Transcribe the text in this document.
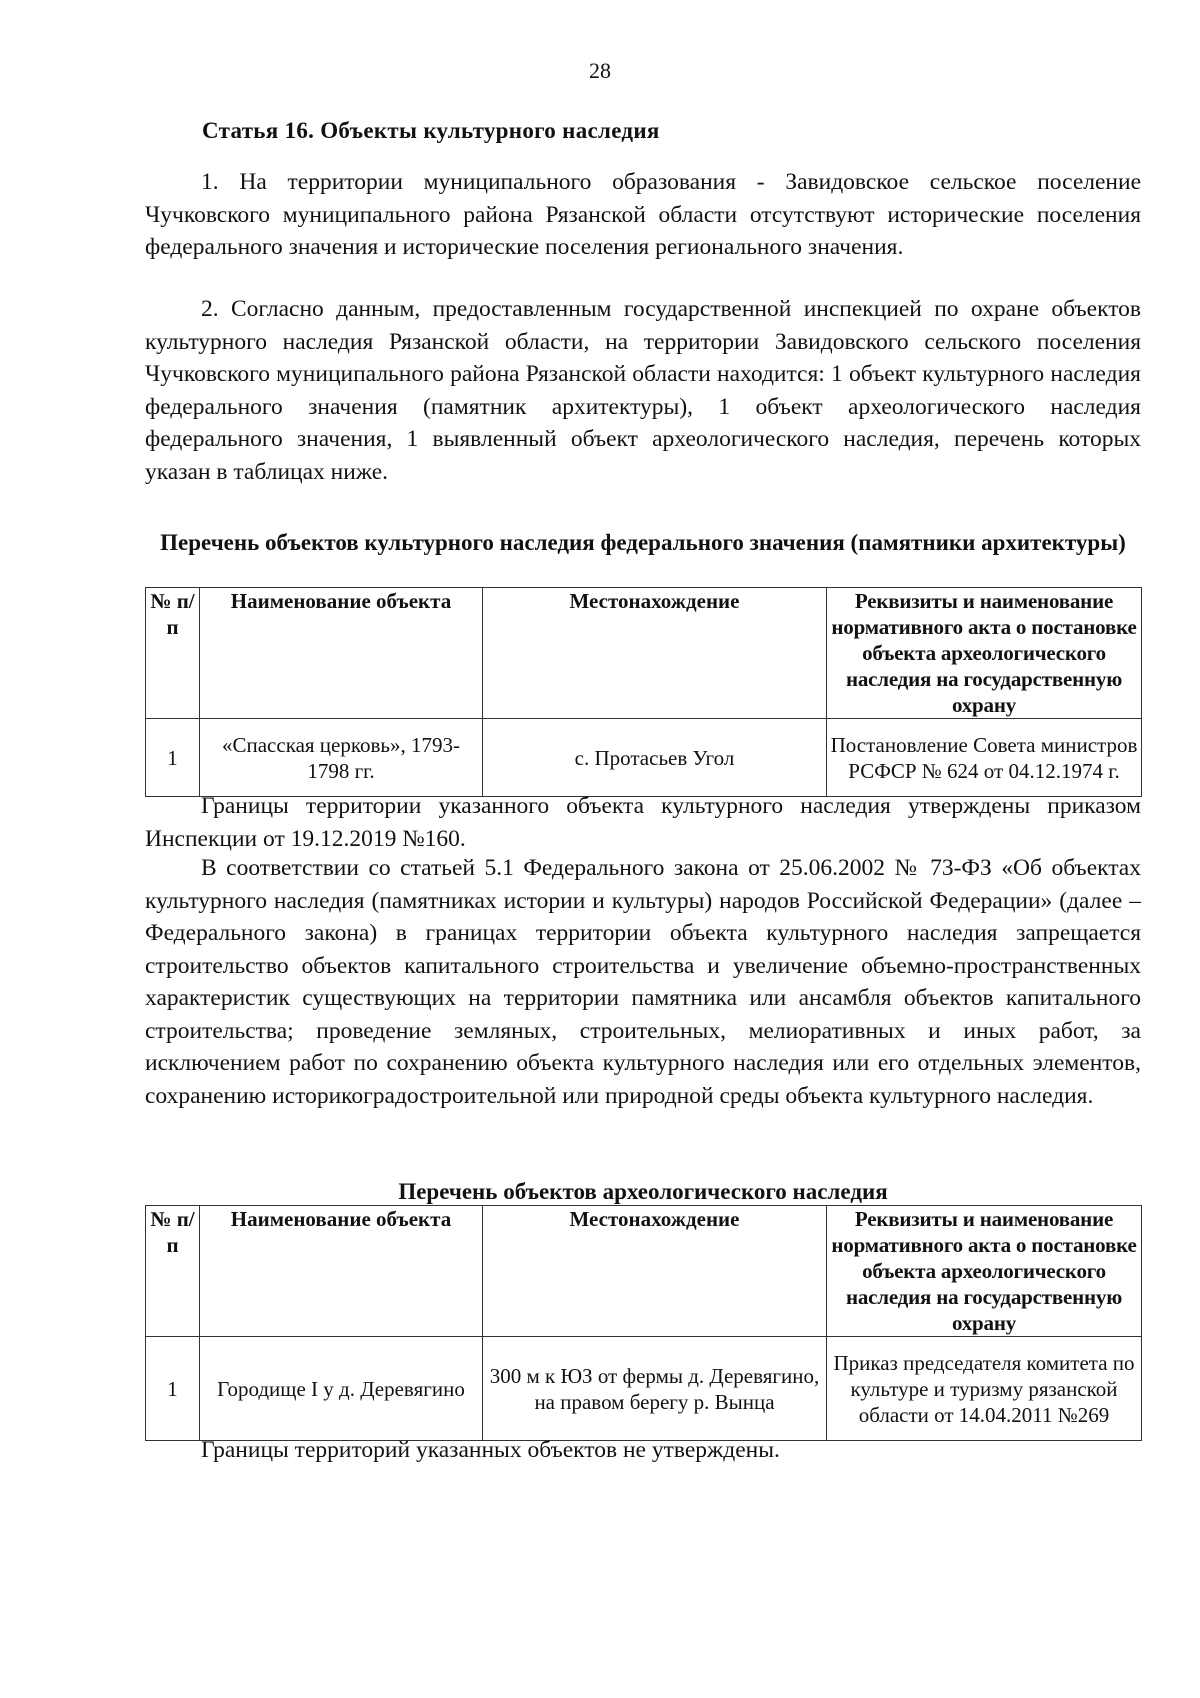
28
Статья 16. Объекты культурного наследия

1. На территории муниципального образования - Завидовское сельское поселение Чучковского муниципального района Рязанской области отсутствуют исторические поселения федерального значения и исторические поселения регионального значения.

2. Согласно данным, предоставленным государственной инспекцией по охране объектов культурного наследия Рязанской области, на территории Завидовского сельского поселения Чучковского муниципального района Рязанской области находится: 1 объект культурного наследия федерального значения (памятник архитектуры), 1 объект археологического наследия федерального значения, 1 выявленный объект археологического наследия, перечень которых указан в таблицах ниже.

Перечень объектов культурного наследия федерального значения (памятники архитектуры)

№ п/п	Наименование объекта	Местонахождение	Реквизиты и наименование нормативного акта о постановке объекта археологического наследия на государственную охрану
1	«Спасская церковь», 1793-1798 гг.	с. Протасьев Угол	Постановление Совета министров РСФСР № 624 от 04.12.1974 г.

Границы территории указанного объекта культурного наследия утверждены приказом Инспекции от 19.12.2019 №160.

В соответствии со статьей 5.1 Федерального закона от 25.06.2002 № 73-ФЗ «Об объектах культурного наследия (памятниках истории и культуры) народов Российской Федерации» (далее – Федерального закона) в границах территории объекта культурного наследия запрещается строительство объектов капитального строительства и увеличение объемно-пространственных характеристик существующих на территории памятника или ансамбля объектов капитального строительства; проведение земляных, строительных, мелиоративных и иных работ, за исключением работ по сохранению объекта культурного наследия или его отдельных элементов, сохранению историкоградостроительной или природной среды объекта культурного наследия.

Перечень объектов археологического наследия

№ п/п	Наименование объекта	Местонахождение	Реквизиты и наименование нормативного акта о постановке объекта археологического наследия на государственную охрану
1	Городище I у д. Деревягино	300 м к ЮЗ от фермы д. Деревягино, на правом берегу р. Вынца	Приказ председателя комитета по культуре и туризму рязанской области от 14.04.2011 №269

Границы территорий указанных объектов не утверждены.
